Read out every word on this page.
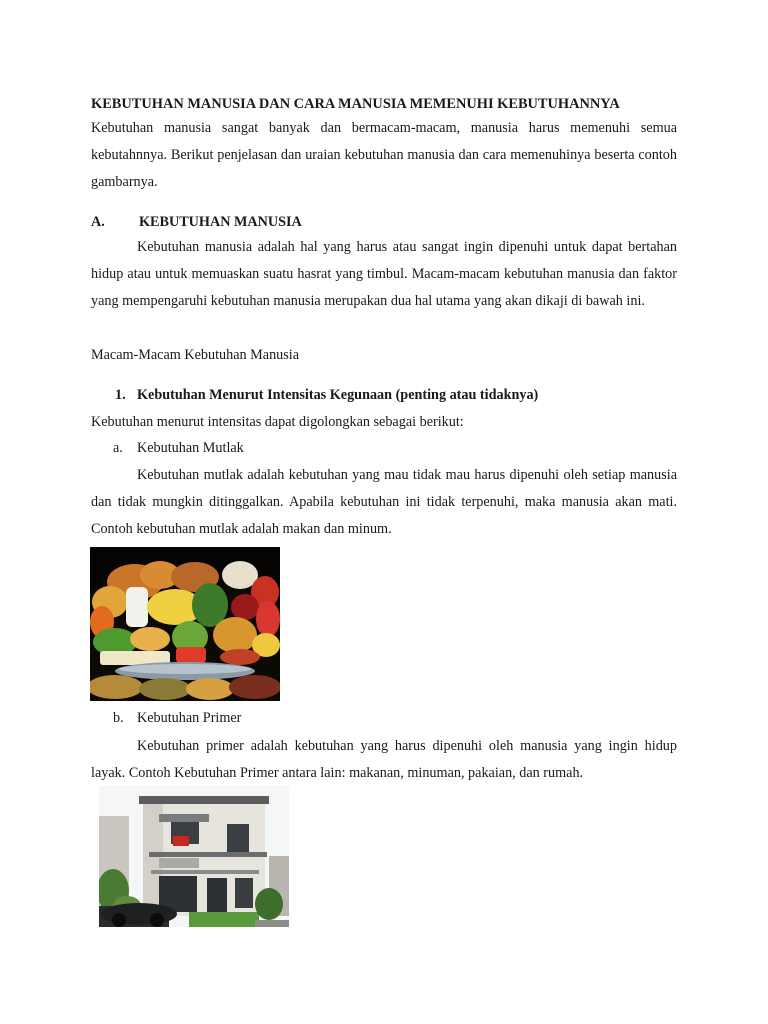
KEBUTUHAN MANUSIA DAN CARA MANUSIA MEMENUHI KEBUTUHANNYA

Kebutuhan manusia sangat banyak dan bermacam-macam, manusia harus memenuhi semua kebutahnnya. Berikut penjelasan dan uraian kebutuhan manusia dan cara memenuhinya beserta contoh gambarnya.

A. KEBUTUHAN MANUSIA

Kebutuhan manusia adalah hal yang harus atau sangat ingin dipenuhi untuk dapat bertahan hidup atau untuk memuaskan suatu hasrat yang timbul. Macam-macam kebutuhan manusia dan faktor yang mempengaruhi kebutuhan manusia merupakan dua hal utama yang akan dikaji di bawah ini.

Macam-Macam Kebutuhan Manusia

1. Kebutuhan Menurut Intensitas Kegunaan (penting atau tidaknya)

Kebutuhan menurut intensitas dapat digolongkan sebagai berikut:

a. Kebutuhan Mutlak

Kebutuhan mutlak adalah kebutuhan yang mau tidak mau harus dipenuhi oleh setiap manusia dan tidak mungkin ditinggalkan. Apabila kebutuhan ini tidak terpenuhi, maka manusia akan mati. Contoh kebutuhan mutlak adalah makan dan minum.

b. Kebutuhan Primer

Kebutuhan primer adalah kebutuhan yang harus dipenuhi oleh manusia yang ingin hidup layak. Contoh Kebutuhan Primer antara lain: makanan, minuman, pakaian, dan rumah.
